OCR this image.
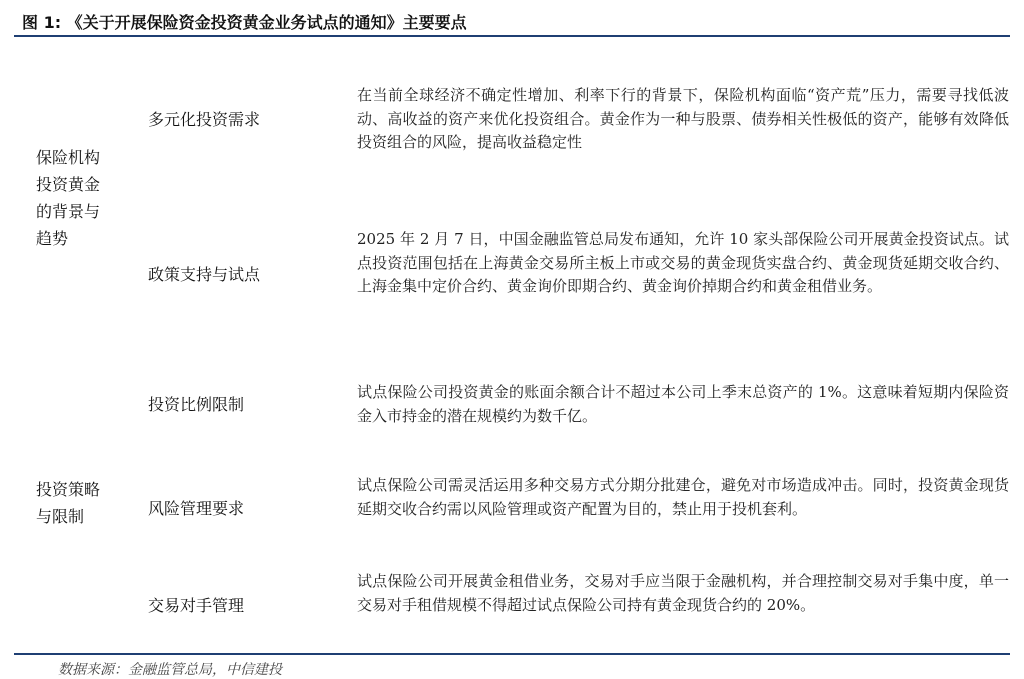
图 1: 《关于开展保险资金投资黄金业务试点的通知》主要要点
保险机构
投资黄金
的背景与
趋势
投资策略
与限制
多元化投资需求
在当前全球经济不确定性增加、利率下行的背景下，保险机构面临“资产荒”压力，需要寻找低波动、高收益的资产来优化投资组合。黄金作为一种与股票、债券相关性极低的资产，能够有效降低投资组合的风险，提高收益稳定性
政策支持与试点
2025 年 2 月 7 日，中国金融监管总局发布通知，允许 10 家头部保险公司开展黄金投资试点。试点投资范围包括在上海黄金交易所主板上市或交易的黄金现货实盘合约、黄金现货延期交收合约、上海金集中定价合约、黄金询价即期合约、黄金询价掉期合约和黄金租借业务。
投资比例限制
试点保险公司投资黄金的账面余额合计不超过本公司上季末总资产的 1%。这意味着短期内保险资金入市持金的潜在规模约为数千亿。
风险管理要求
试点保险公司需灵活运用多种交易方式分期分批建仓，避免对市场造成冲击。同时，投资黄金现货延期交收合约需以风险管理或资产配置为目的，禁止用于投机套利。
交易对手管理
试点保险公司开展黄金租借业务，交易对手应当限于金融机构，并合理控制交易对手集中度，单一交易对手租借规模不得超过试点保险公司持有黄金现货合约的 20%。
数据来源：金融监管总局，中信建投
